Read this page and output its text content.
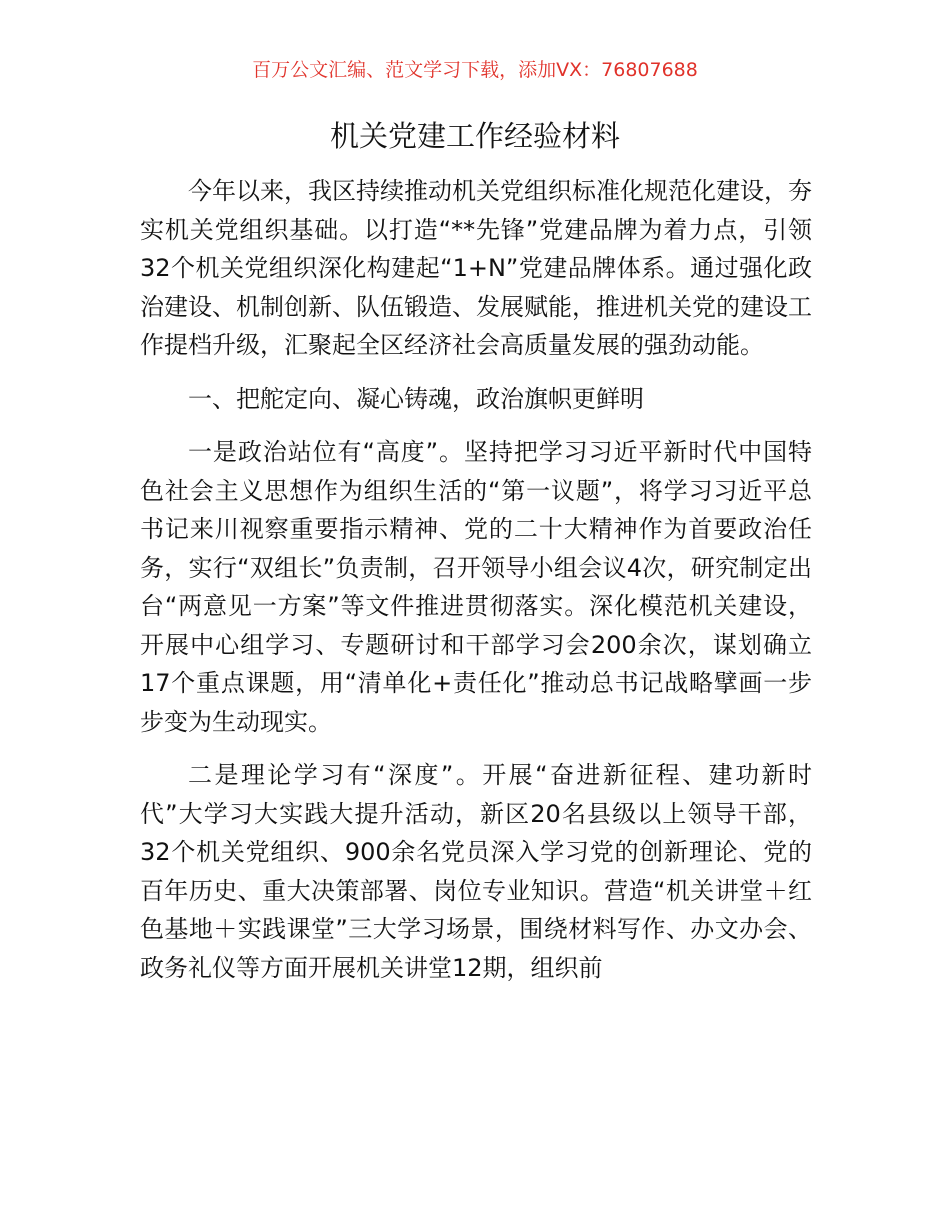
百万公文汇编、范文学习下载，添加VX：76807688
机关党建工作经验材料

今年以来，我区持续推动机关党组织标准化规范化建设，夯实机关党组织基础。以打造“**先锋”党建品牌为着力点，引领32个机关党组织深化构建起“1+N”党建品牌体系。通过强化政治建设、机制创新、队伍锻造、发展赋能，推进机关党的建设工作提档升级，汇聚起全区经济社会高质量发展的强劲动能。

一、把舵定向、凝心铸魂，政治旗帜更鲜明

一是政治站位有“高度”。坚持把学习习近平新时代中国特色社会主义思想作为组织生活的“第一议题”，将学习习近平总书记来川视察重要指示精神、党的二十大精神作为首要政治任务，实行“双组长”负责制，召开领导小组会议4次，研究制定出台“两意见一方案”等文件推进贯彻落实。深化模范机关建设，开展中心组学习、专题研讨和干部学习会200余次，谋划确立17个重点课题，用“清单化+责任化”推动总书记战略擘画一步步变为生动现实。

二是理论学习有“深度”。开展“奋进新征程、建功新时代”大学习大实践大提升活动，新区20名县级以上领导干部，32个机关党组织、900余名党员深入学习党的创新理论、党的百年历史、重大决策部署、岗位专业知识。营造“机关讲堂＋红色基地＋实践课堂”三大学习场景，围绕材料写作、办文办会、政务礼仪等方面开展机关讲堂12期，组织前
